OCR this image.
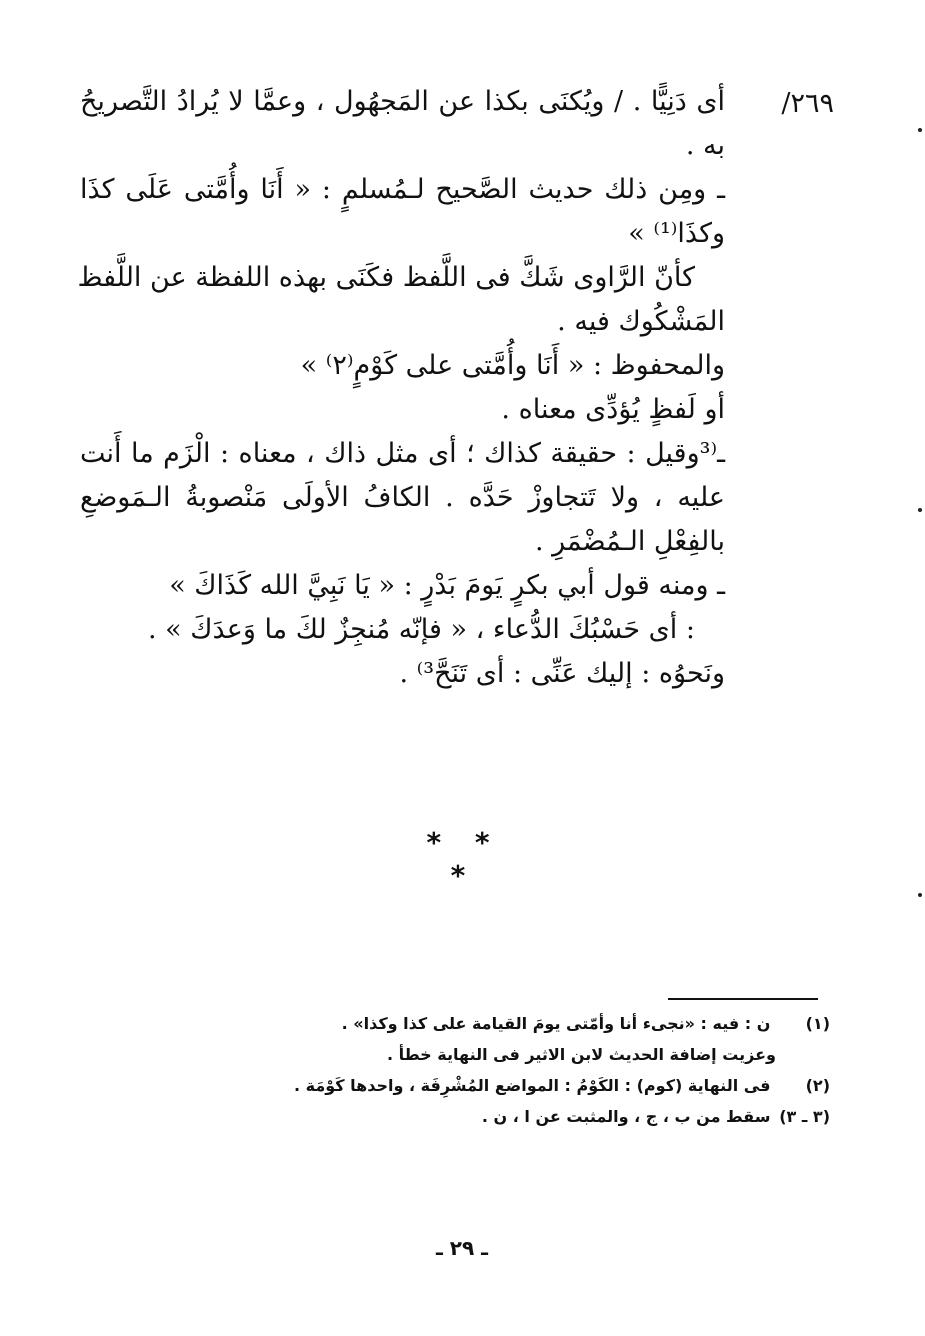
٢٦٩/
أى دَنِيًّا . / ويُكنَى بكذا عن المَجهُول ، وعمَّا لا يُرادُ التَّصريحُ
به .
ـ ومِن ذلك حديث الصَّحيح لـمُسلمٍ : « أَنَا وأُمَّتى عَلَى كذَا
وكذَا⁽¹⁾ »
كأنّ الرَّاوى شَكَّ فى اللَّفظ فكَنَى بهذه اللفظة عن اللَّفظ
المَشْكُوك فيه .
والمحفوظ : « أَنَا وأُمَّتى على كَوْمٍ⁽٢⁾ »
أو لَفظٍ يُؤدِّى معناه .
ـ⁽³وقيل : حقيقة كذاك ؛ أى مثل ذاك ، معناه : الْزَم ما أَنت
عليه ، ولا تَتجاوزْ حَدَّه . الكافُ الأولَى مَنْصوبةُ الـمَوضعِ
بالفِعْلِ الـمُضْمَرِ .
ـ ومنه قول أبي بكرٍ يَومَ بَدْرٍ : « يَا نَبِيَّ الله كَذَاكَ »
: أى حَسْبُكَ الدُّعاء ، « فإنّه مُنجِزٌ لكَ ما وَعدَكَ » .
ونَحوُه : إليك عَنِّى : أى تَنَحَّ³⁾ .
* * *
(١) ن : فيه : «نجىء أنا وأمّتى يومَ القيامة على كذا وكذا» .
وعزيت إضافة الحديث لابن الاثير فى النهاية خطأ .
(٢) فى النهاية (كوم) : الكَوْمُ : المواضع المُشْرِفَة ، واحدها كَوْمَة .
(٣ ـ ٣) سقط من ب ، ج ، والمثبت عن ا ، ن .
ـ ٢٩ ـ
